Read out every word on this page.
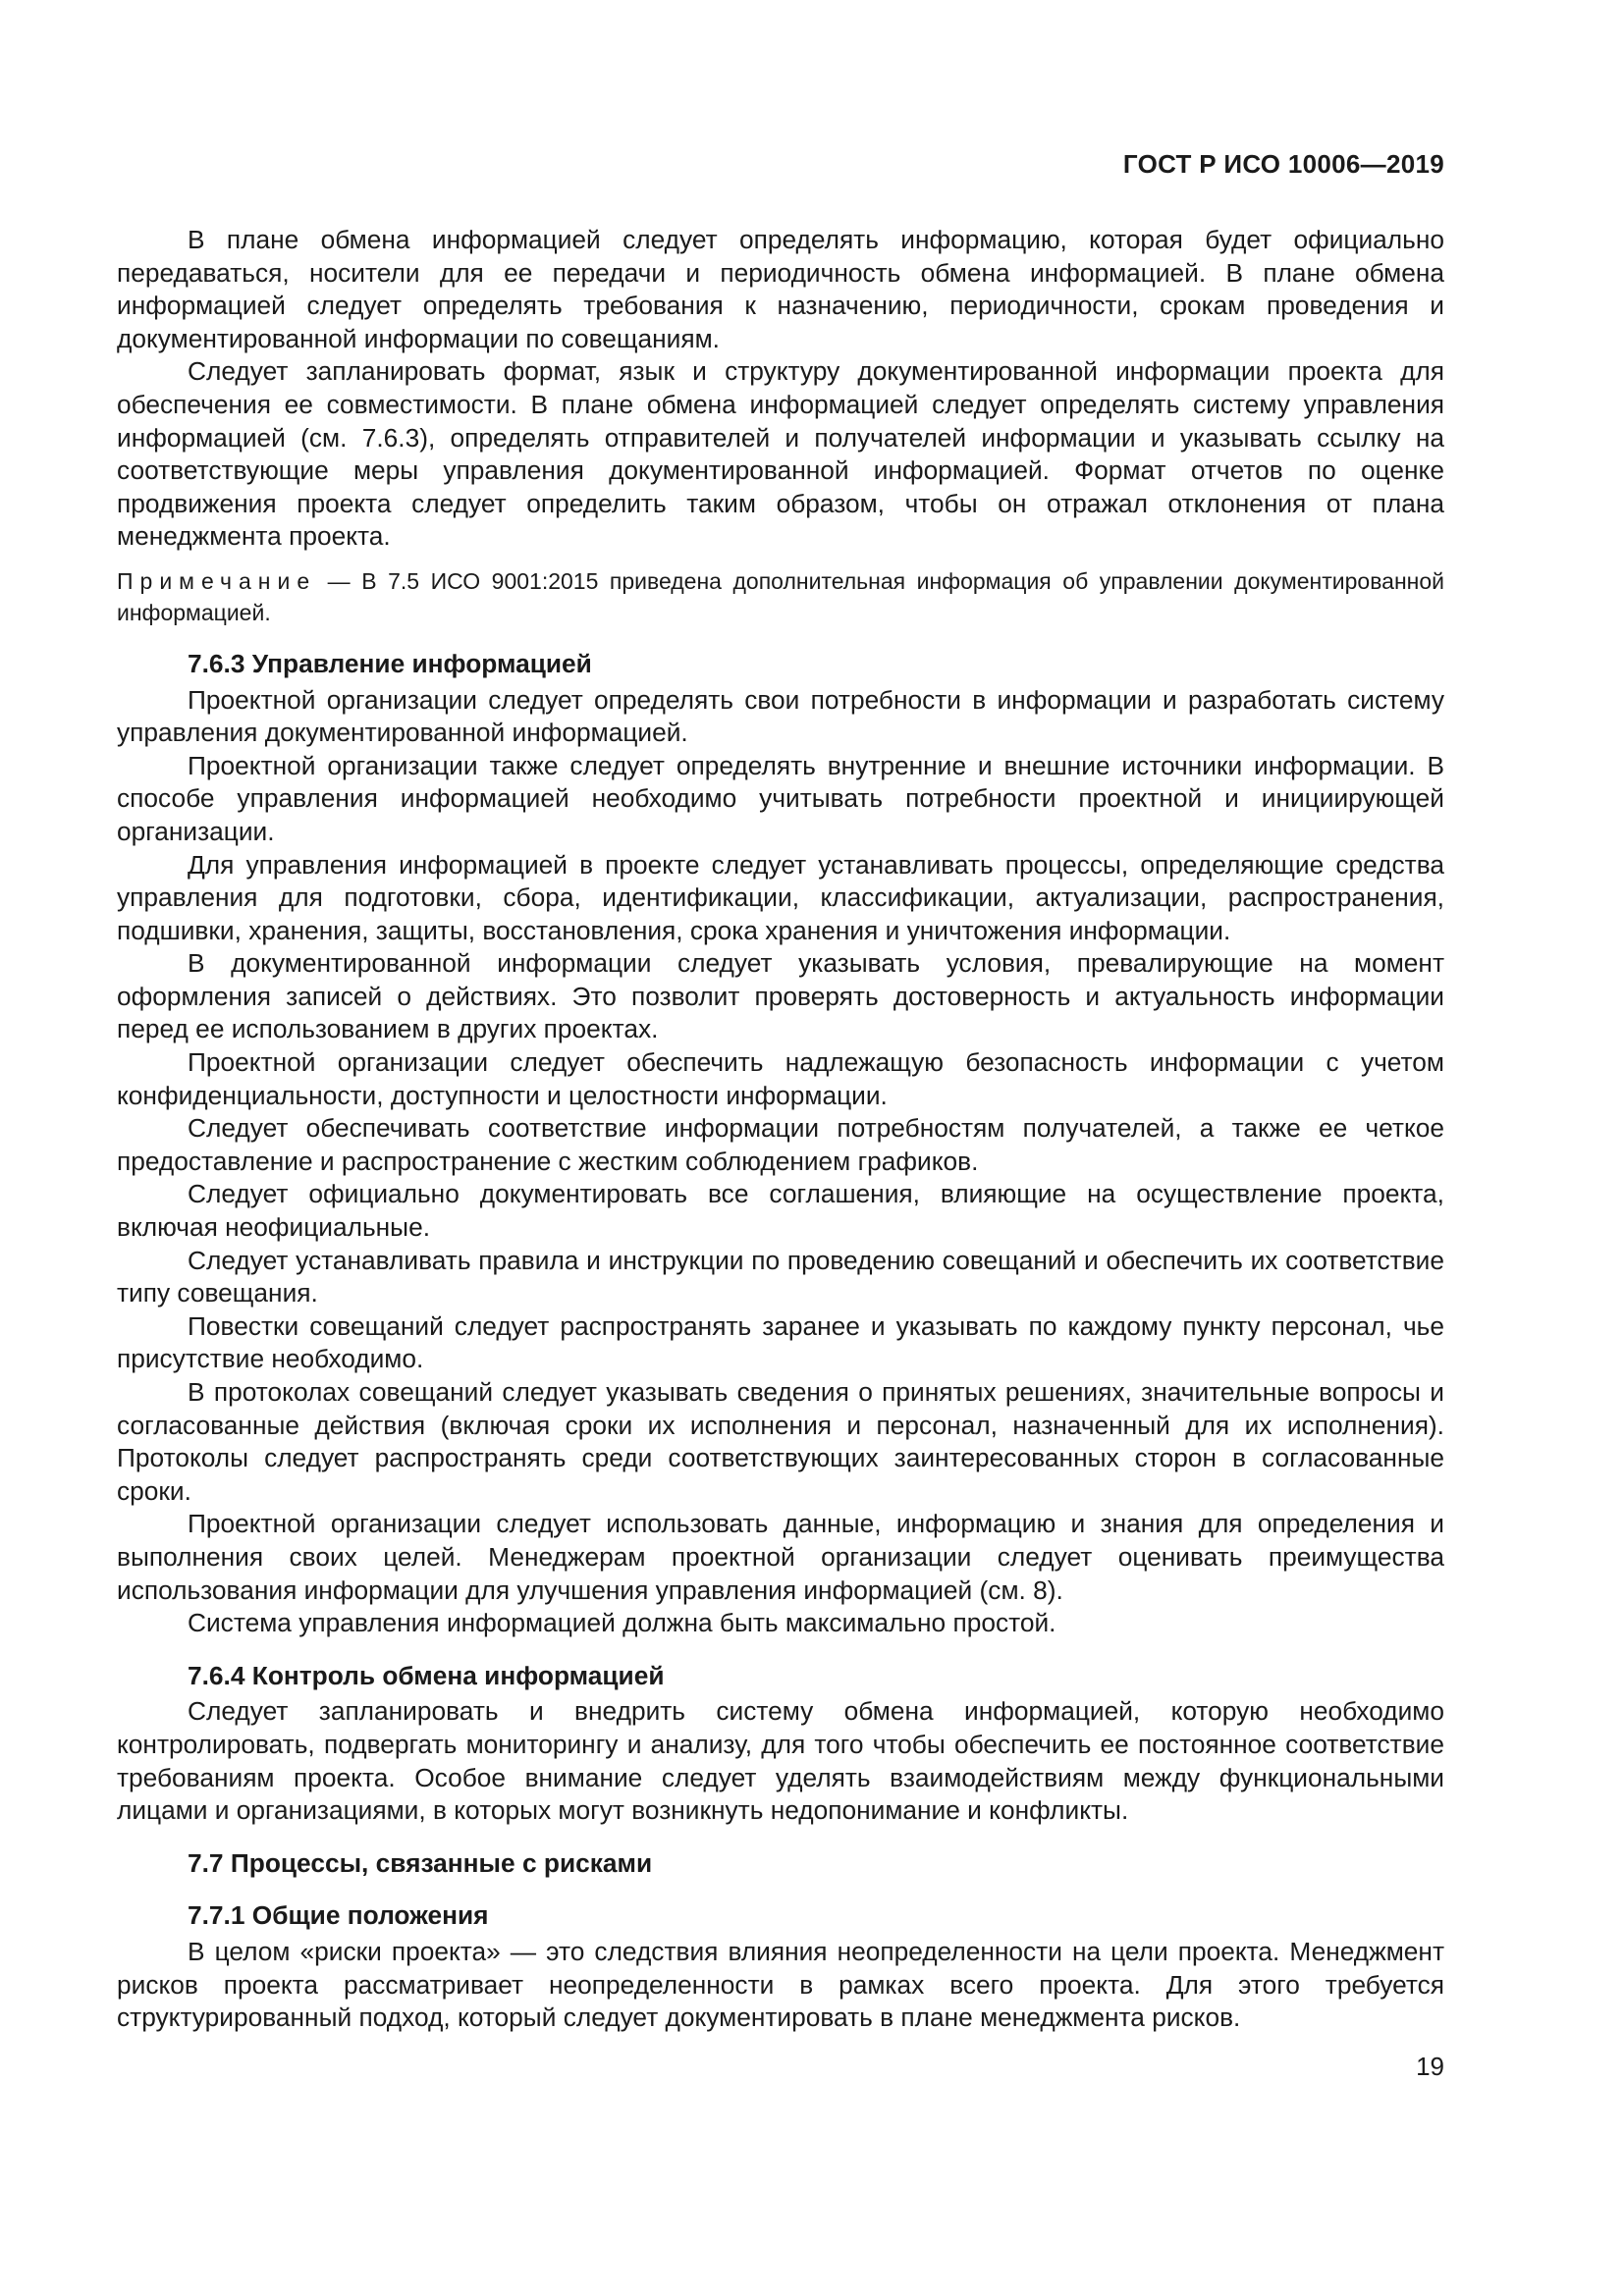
ГОСТ Р ИСО 10006—2019

В плане обмена информацией следует определять информацию, которая будет официально передаваться, носители для ее передачи и периодичность обмена информацией. В плане обмена информацией следует определять требования к назначению, периодичности, срокам проведения и документированной информации по совещаниям.

Следует запланировать формат, язык и структуру документированной информации проекта для обеспечения ее совместимости. В плане обмена информацией следует определять систему управления информацией (см. 7.6.3), определять отправителей и получателей информации и указывать ссылку на соответствующие меры управления документированной информацией. Формат отчетов по оценке продвижения проекта следует определить таким образом, чтобы он отражал отклонения от плана менеджмента проекта.

Примечание — В 7.5 ИСО 9001:2015 приведена дополнительная информация об управлении документированной информацией.

7.6.3 Управление информацией

Проектной организации следует определять свои потребности в информации и разработать систему управления документированной информацией.

Проектной организации также следует определять внутренние и внешние источники информации. В способе управления информацией необходимо учитывать потребности проектной и инициирующей организации.

Для управления информацией в проекте следует устанавливать процессы, определяющие средства управления для подготовки, сбора, идентификации, классификации, актуализации, распространения, подшивки, хранения, защиты, восстановления, срока хранения и уничтожения информации.

В документированной информации следует указывать условия, превалирующие на момент оформления записей о действиях. Это позволит проверять достоверность и актуальность информации перед ее использованием в других проектах.

Проектной организации следует обеспечить надлежащую безопасность информации с учетом конфиденциальности, доступности и целостности информации.

Следует обеспечивать соответствие информации потребностям получателей, а также ее четкое предоставление и распространение с жестким соблюдением графиков.

Следует официально документировать все соглашения, влияющие на осуществление проекта, включая неофициальные.

Следует устанавливать правила и инструкции по проведению совещаний и обеспечить их соответствие типу совещания.

Повестки совещаний следует распространять заранее и указывать по каждому пункту персонал, чье присутствие необходимо.

В протоколах совещаний следует указывать сведения о принятых решениях, значительные вопросы и согласованные действия (включая сроки их исполнения и персонал, назначенный для их исполнения). Протоколы следует распространять среди соответствующих заинтересованных сторон в согласованные сроки.

Проектной организации следует использовать данные, информацию и знания для определения и выполнения своих целей. Менеджерам проектной организации следует оценивать преимущества использования информации для улучшения управления информацией (см. 8).

Система управления информацией должна быть максимально простой.

7.6.4 Контроль обмена информацией

Следует запланировать и внедрить систему обмена информацией, которую необходимо контролировать, подвергать мониторингу и анализу, для того чтобы обеспечить ее постоянное соответствие требованиям проекта. Особое внимание следует уделять взаимодействиям между функциональными лицами и организациями, в которых могут возникнуть недопонимание и конфликты.

7.7 Процессы, связанные с рисками
7.7.1 Общие положения

В целом «риски проекта» — это следствия влияния неопределенности на цели проекта. Менеджмент рисков проекта рассматривает неопределенности в рамках всего проекта. Для этого требуется структурированный подход, который следует документировать в плане менеджмента рисков.

19
